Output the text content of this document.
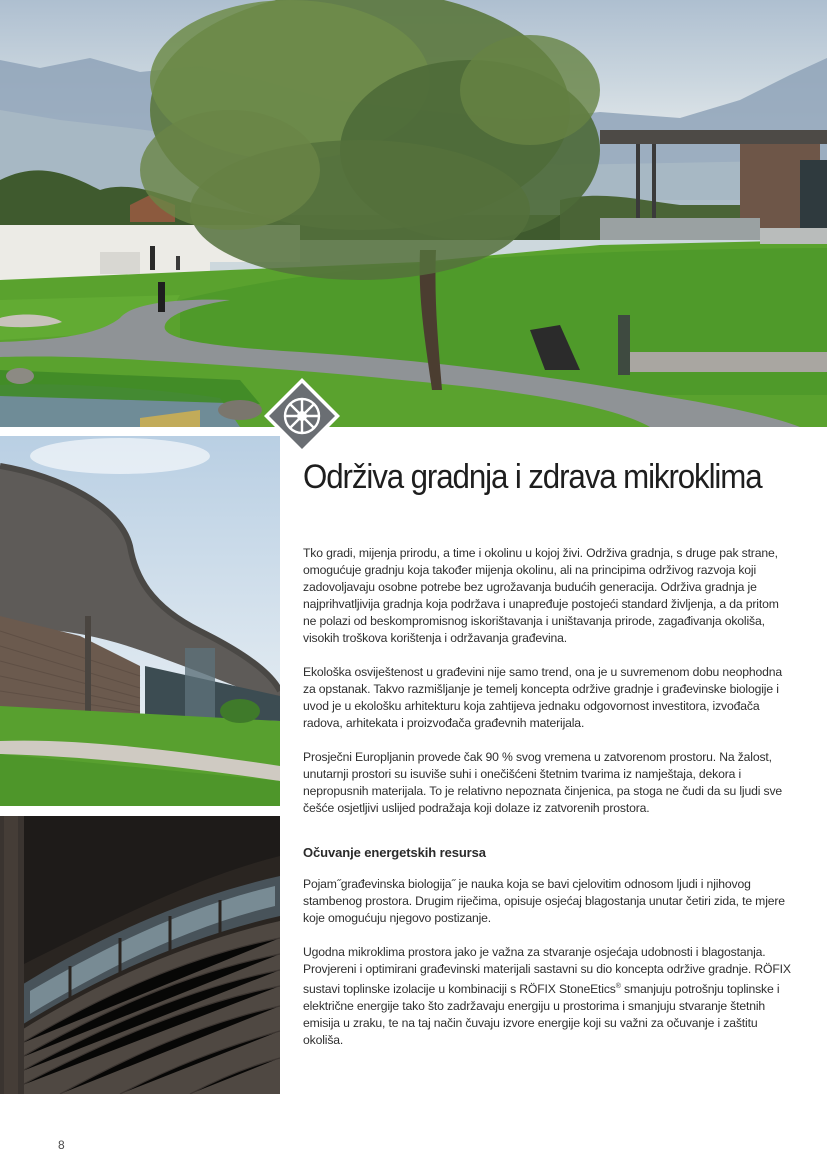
Održiva gradnja i zdrava mikroklima

Tko gradi, mijenja prirodu, a time i okolinu u kojoj živi. Održiva gradnja, s druge pak strane, omogućuje gradnju koja također mijenja okolinu, ali na principima održivog razvoja koji zadovoljavaju osobne potrebe bez ugrožavanja budućih generacija. Održiva gradnja je najprihvatljivija gradnja koja podržava i unapređuje postojeći standard življenja, a da pritom ne polazi od beskompromisnog iskorištavanja i uništavanja prirode, zagađivanja okoliša, visokih troškova korištenja i održavanja građevina.

Ekološka osviještenost u građevini nije samo trend, ona je u suvremenom dobu neophodna za opstanak. Takvo razmišljanje je temelj koncepta održive gradnje i građevinske biologije i uvod je u ekološku arhitekturu koja zahtijeva jednaku odgovornost investitora, izvođača radova, arhitekata i proizvođača građevnih materijala.

Prosječni Europljanin provede čak 90 % svog vremena u zatvorenom prostoru. Na žalost, unutarnji prostori su isuviše suhi i onečišćeni štetnim tvarima iz namještaja, dekora i nepropusnih materijala. To je relativno nepoznata činjenica, pa stoga ne čudi da su ljudi sve češće osjetljivi uslijed podražaja koji dolaze iz zatvorenih prostora.

Očuvanje energetskih resursa

Pojam˝građevinska biologija˝ je nauka koja se bavi cjelovitim odnosom ljudi i njihovog stambenog prostora. Drugim riječima, opisuje osjećaj blagostanja unutar četiri zida, te mjere koje omogućuju njegovo postizanje.

Ugodna mikroklima prostora jako je važna za stvaranje osjećaja udobnosti i blagostanja. Provjereni i optimirani građevinski materijali sastavni su dio koncepta održive gradnje. RÖFIX sustavi toplinske izolacije u kombinaciji s RÖFIX StoneEtics® smanjuju potrošnju toplinske i električne energije tako što zadržavaju energiju u prostorima i smanjuju stvaranje štetnih emisija u zraku, te na taj način čuvaju izvore energije koji su važni za očuvanje i zaštitu okoliša.

8
